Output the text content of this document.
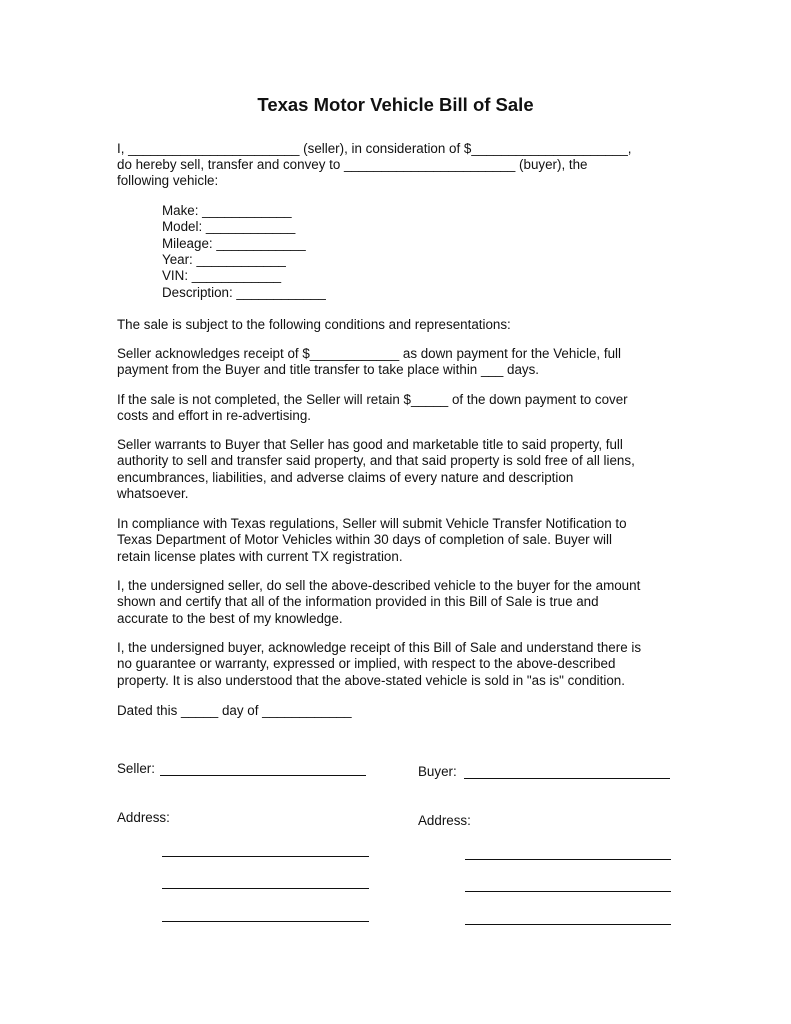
Texas Motor Vehicle Bill of Sale
I, _______________________ (seller), in consideration of $_____________________,
do hereby sell, transfer and convey to _______________________ (buyer), the
following vehicle:
Make: ____________
Model: ____________
Mileage: ____________
Year: ____________
VIN: ____________
Description: ____________
The sale is subject to the following conditions and representations:
Seller acknowledges receipt of $____________ as down payment for the Vehicle, full
payment from the Buyer and title transfer to take place within ___ days.
If the sale is not completed, the Seller will retain $_____ of the down payment to cover
costs and effort in re-advertising.
Seller warrants to Buyer that Seller has good and marketable title to said property, full
authority to sell and transfer said property, and that said property is sold free of all liens,
encumbrances, liabilities, and adverse claims of every nature and description
whatsoever.
In compliance with Texas regulations, Seller will submit Vehicle Transfer Notification to
Texas Department of Motor Vehicles within 30 days of completion of sale. Buyer will
retain license plates with current TX registration.
I, the undersigned seller, do sell the above-described vehicle to the buyer for the amount
shown and certify that all of the information provided in this Bill of Sale is true and
accurate to the best of my knowledge.
I, the undersigned buyer, acknowledge receipt of this Bill of Sale and understand there is
no guarantee or warranty, expressed or implied, with respect to the above-described
property. It is also understood that the above-stated vehicle is sold in "as is" condition.
Dated this _____ day of ____________
Seller:	Buyer:
Address:	Address:
